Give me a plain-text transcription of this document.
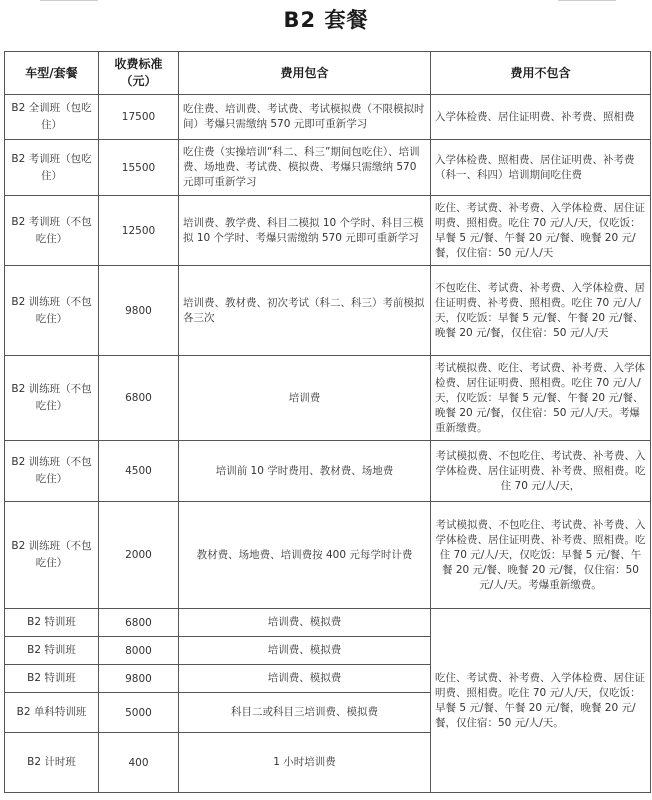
B2 套餐
车型/套餐	收费标准（元）	费用包含	费用不包含
B2 全训班（包吃住）	17500	吃住费、培训费、考试费、考试模拟费（不限模拟时间）考爆只需缴纳 570 元即可重新学习	入学体检费、居住证明费、补考费、照相费
B2 考训班（包吃住）	15500	吃住费（实操培训“科二、科三”期间包吃住）、培训费、场地费、考试费、模拟费、考爆只需缴纳 570 元即可重新学习	入学体检费、照相费、居住证明费、补考费（科一、科四）培训期间吃住费
B2 考训班（不包吃住）	12500	培训费、教学费、科目二模拟 10 个学时、科目三模拟 10 个学时、考爆只需缴纳 570 元即可重新学习	吃住、考试费、补考费、入学体检费、居住证明费、照相费。吃住 70 元/人/天，仅吃饭：早餐 5 元/餐、午餐 20 元/餐、晚餐 20 元/餐，仅住宿：50 元/人/天
B2 训练班（不包吃住）	9800	培训费、教材费、初次考试（科二、科三）考前模拟各三次	不包吃住、考试费、补考费、入学体检费、居住证明费、补考费、照相费。吃住 70 元/人/天，仅吃饭：早餐 5 元/餐、午餐 20 元/餐、晚餐 20 元/餐，仅住宿：50 元/人/天
B2 训练班（不包吃住）	6800	培训费	考试模拟费、吃住、考试费、补考费、入学体检费、居住证明费、照相费。吃住 70 元/人/天，仅吃饭：早餐 5 元/餐、午餐 20 元/餐、晚餐 20 元/餐，仅住宿：50 元/人/天。考爆重新缴费。
B2 训练班（不包吃住）	4500	培训前 10 学时费用、教材费、场地费	考试模拟费、不包吃住、考试费、补考费、入学体检费、居住证明费、补考费、照相费。吃住 70 元/人/天，
B2 训练班（不包吃住）	2000	教材费、场地费、培训费按 400 元每学时计费	考试模拟费、不包吃住、考试费、补考费、入学体检费、居住证明费、补考费、照相费。吃住 70 元/人/天，仅吃饭：早餐 5 元/餐、午餐 20 元/餐、晚餐 20 元/餐，仅住宿：50 元/人/天。考爆重新缴费。
B2 特训班	6800	培训费、模拟费	吃住、考试费、补考费、入学体检费、居住证明费、照相费。吃住 70 元/人/天，仅吃饭：早餐 5 元/餐、午餐 20 元/餐，晚餐 20 元/餐，仅住宿：50 元/人/天。
B2 特训班	8000	培训费、模拟费	
B2 特训班	9800	培训费、模拟费	
B2 单科特训班	5000	科目二或科目三培训费、模拟费	
B2 计时班	400	1 小时培训费	
